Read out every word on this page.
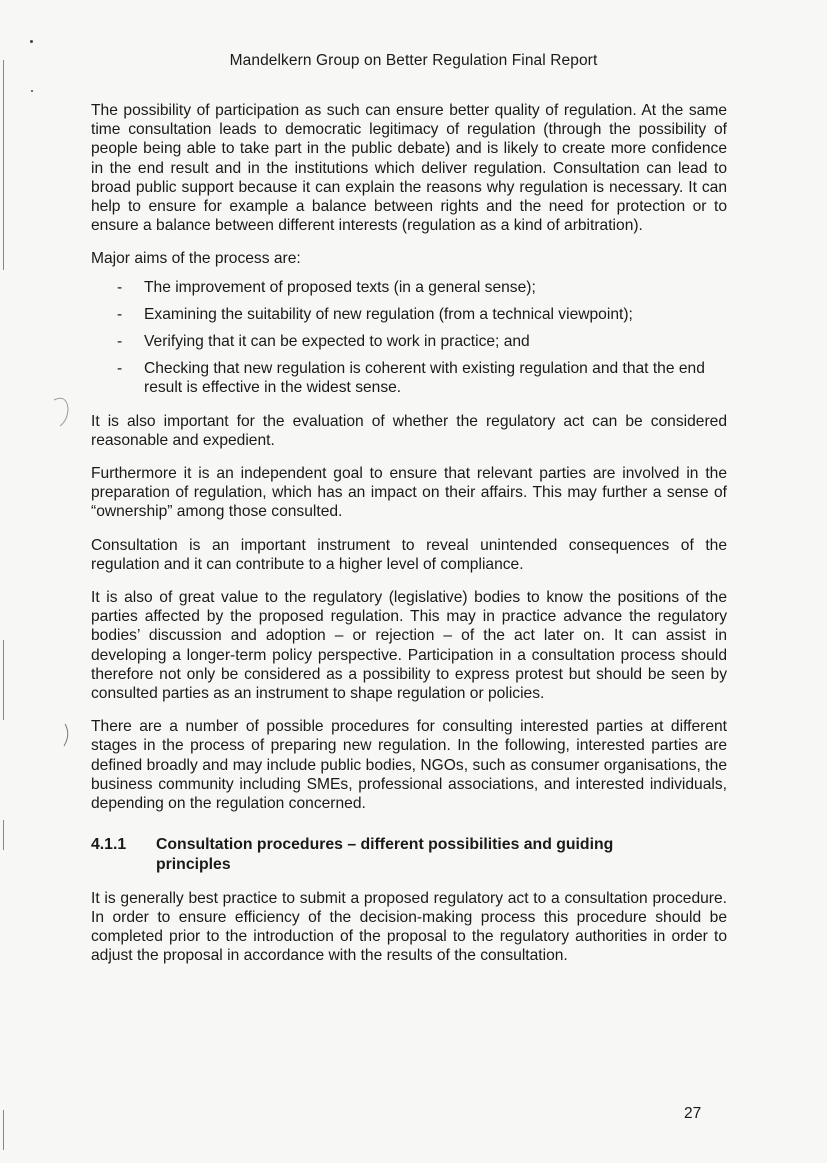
Mandelkern Group on Better Regulation Final Report

The possibility of participation as such can ensure better quality of regulation. At the same time consultation leads to democratic legitimacy of regulation (through the possibility of people being able to take part in the public debate) and is likely to create more confidence in the end result and in the institutions which deliver regulation. Consultation can lead to broad public support because it can explain the reasons why regulation is necessary. It can help to ensure for example a balance between rights and the need for protection or to ensure a balance between different interests (regulation as a kind of arbitration).

Major aims of the process are:

- The improvement of proposed texts (in a general sense);
- Examining the suitability of new regulation (from a technical viewpoint);
- Verifying that it can be expected to work in practice; and
- Checking that new regulation is coherent with existing regulation and that the end result is effective in the widest sense.

It is also important for the evaluation of whether the regulatory act can be considered reasonable and expedient.

Furthermore it is an independent goal to ensure that relevant parties are involved in the preparation of regulation, which has an impact on their affairs. This may further a sense of “ownership” among those consulted.

Consultation is an important instrument to reveal unintended consequences of the regulation and it can contribute to a higher level of compliance.

It is also of great value to the regulatory (legislative) bodies to know the positions of the parties affected by the proposed regulation. This may in practice advance the regulatory bodies’ discussion and adoption – or rejection – of the act later on. It can assist in developing a longer-term policy perspective. Participation in a consultation process should therefore not only be considered as a possibility to express protest but should be seen by consulted parties as an instrument to shape regulation or policies.

There are a number of possible procedures for consulting interested parties at different stages in the process of preparing new regulation. In the following, interested parties are defined broadly and may include public bodies, NGOs, such as consumer organisations, the business community including SMEs, professional associations, and interested individuals, depending on the regulation concerned.

4.1.1	Consultation procedures – different possibilities and guiding principles

It is generally best practice to submit a proposed regulatory act to a consultation procedure. In order to ensure efficiency of the decision-making process this procedure should be completed prior to the introduction of the proposal to the regulatory authorities in order to adjust the proposal in accordance with the results of the consultation.

27
